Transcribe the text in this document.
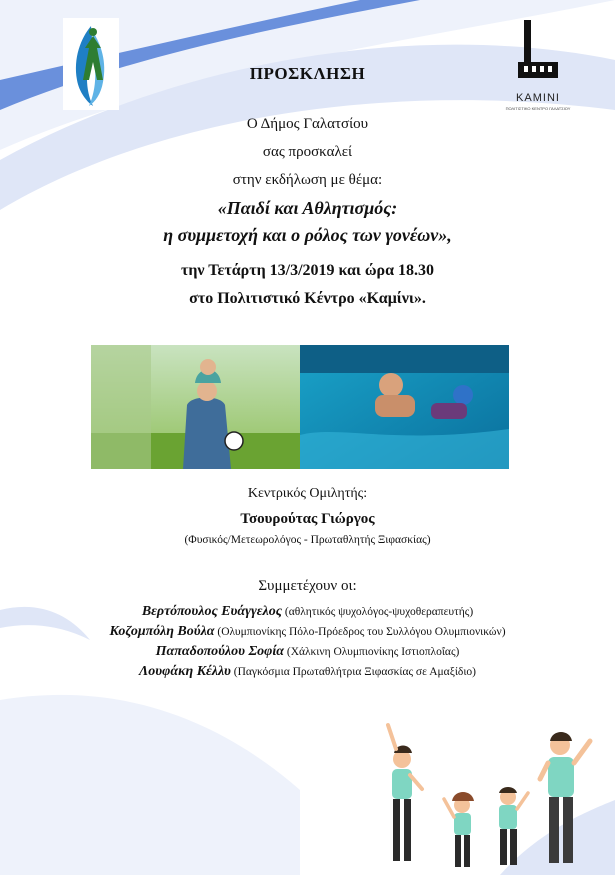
ΚΑΜΙΝΙ
ΠΟΛΙΤΙΣΤΙΚΟ ΚΕΝΤΡΟ ΓΑΛΑΤΣΙΟΥ
ΠΡΟΣΚΛΗΣΗ
Ο Δήμος Γαλατσίου
σας προσκαλεί
στην εκδήλωση με θέμα:
«Παιδί και Αθλητισμός:
η συμμετοχή και ο ρόλος των γονέων»,
την Τετάρτη 13/3/2019 και ώρα 18.30
στο Πολιτιστικό Κέντρο «Καμίνι».
Κεντρικός Ομιλητής:
Τσουρούτας Γιώργος
(Φυσικός/Μετεωρολόγος - Πρωταθλητής Ξιφασκίας)
Συμμετέχουν οι:
Βερτόπουλος Ευάγγελος (αθλητικός ψυχολόγος-ψυχοθεραπευτής)
Κοζομπόλη Βούλα (Ολυμπιονίκης Πόλο-Πρόεδρος του Συλλόγου Ολυμπιονικών)
Παπαδοπούλου Σοφία (Χάλκινη Ολυμπιονίκης Ιστιοπλοΐας)
Λουφάκη Κέλλυ (Παγκόσμια Πρωταθλήτρια Ξιφασκίας σε Αμαξίδιο)
